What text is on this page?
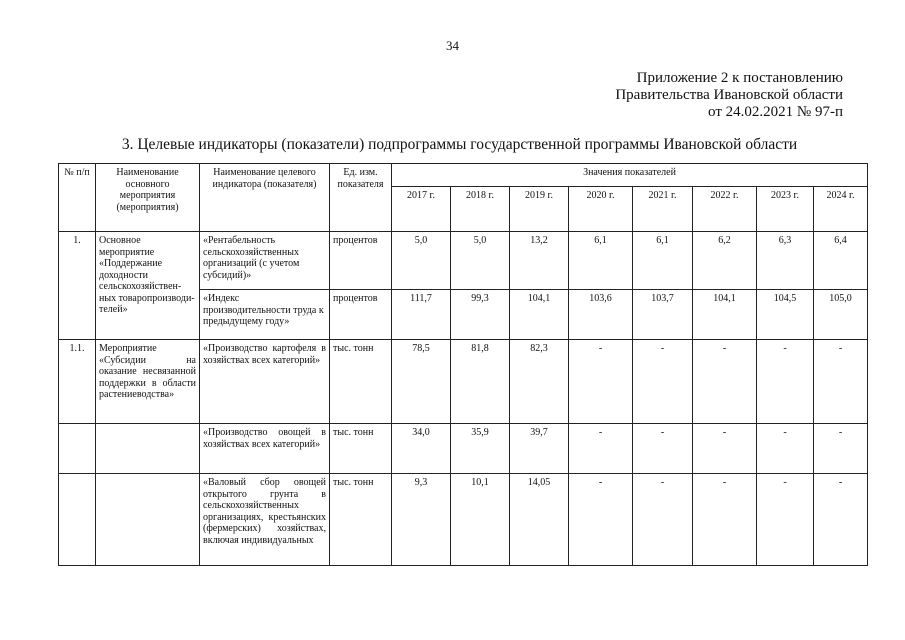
34
Приложение 2 к постановлению
Правительства Ивановской области
от 24.02.2021 № 97-п
3. Целевые индикаторы (показатели) подпрограммы государственной программы Ивановской области
№ п/п	Наименование основного мероприятия (мероприятия)	Наименование целевого индикатора (показателя)	Ед. изм. показателя	Значения показателей							
				2017 г.	2018 г.	2019 г.	2020 г.	2021 г.	2022 г.	2023 г.	2024 г.
1.	Основное мероприятие «Поддержание доходности сельскохозяйствен-ных товаропроизводи-телей»	«Рентабельность сельскохозяйственных организаций (с учетом субсидий)»	процентов	5,0	5,0	13,2	6,1	6,1	6,2	6,3	6,4
		«Индекс производительности труда к предыдущему году»	процентов	111,7	99,3	104,1	103,6	103,7	104,1	104,5	105,0
1.1.	Мероприятие «Субсидии на оказание несвязанной поддержки в области растениеводства»	«Производство картофеля в хозяйствах всех категорий»	тыс. тонн	78,5	81,8	82,3	-	-	-	-	-
		«Производство овощей в хозяйствах всех категорий»	тыс. тонн	34,0	35,9	39,7	-	-	-	-	-
		«Валовый сбор овощей открытого грунта в сельскохозяйственных организациях, крестьянских (фермерских) хозяйствах, включая индивидуальных	тыс. тонн	9,3	10,1	14,05	-	-	-	-	-
